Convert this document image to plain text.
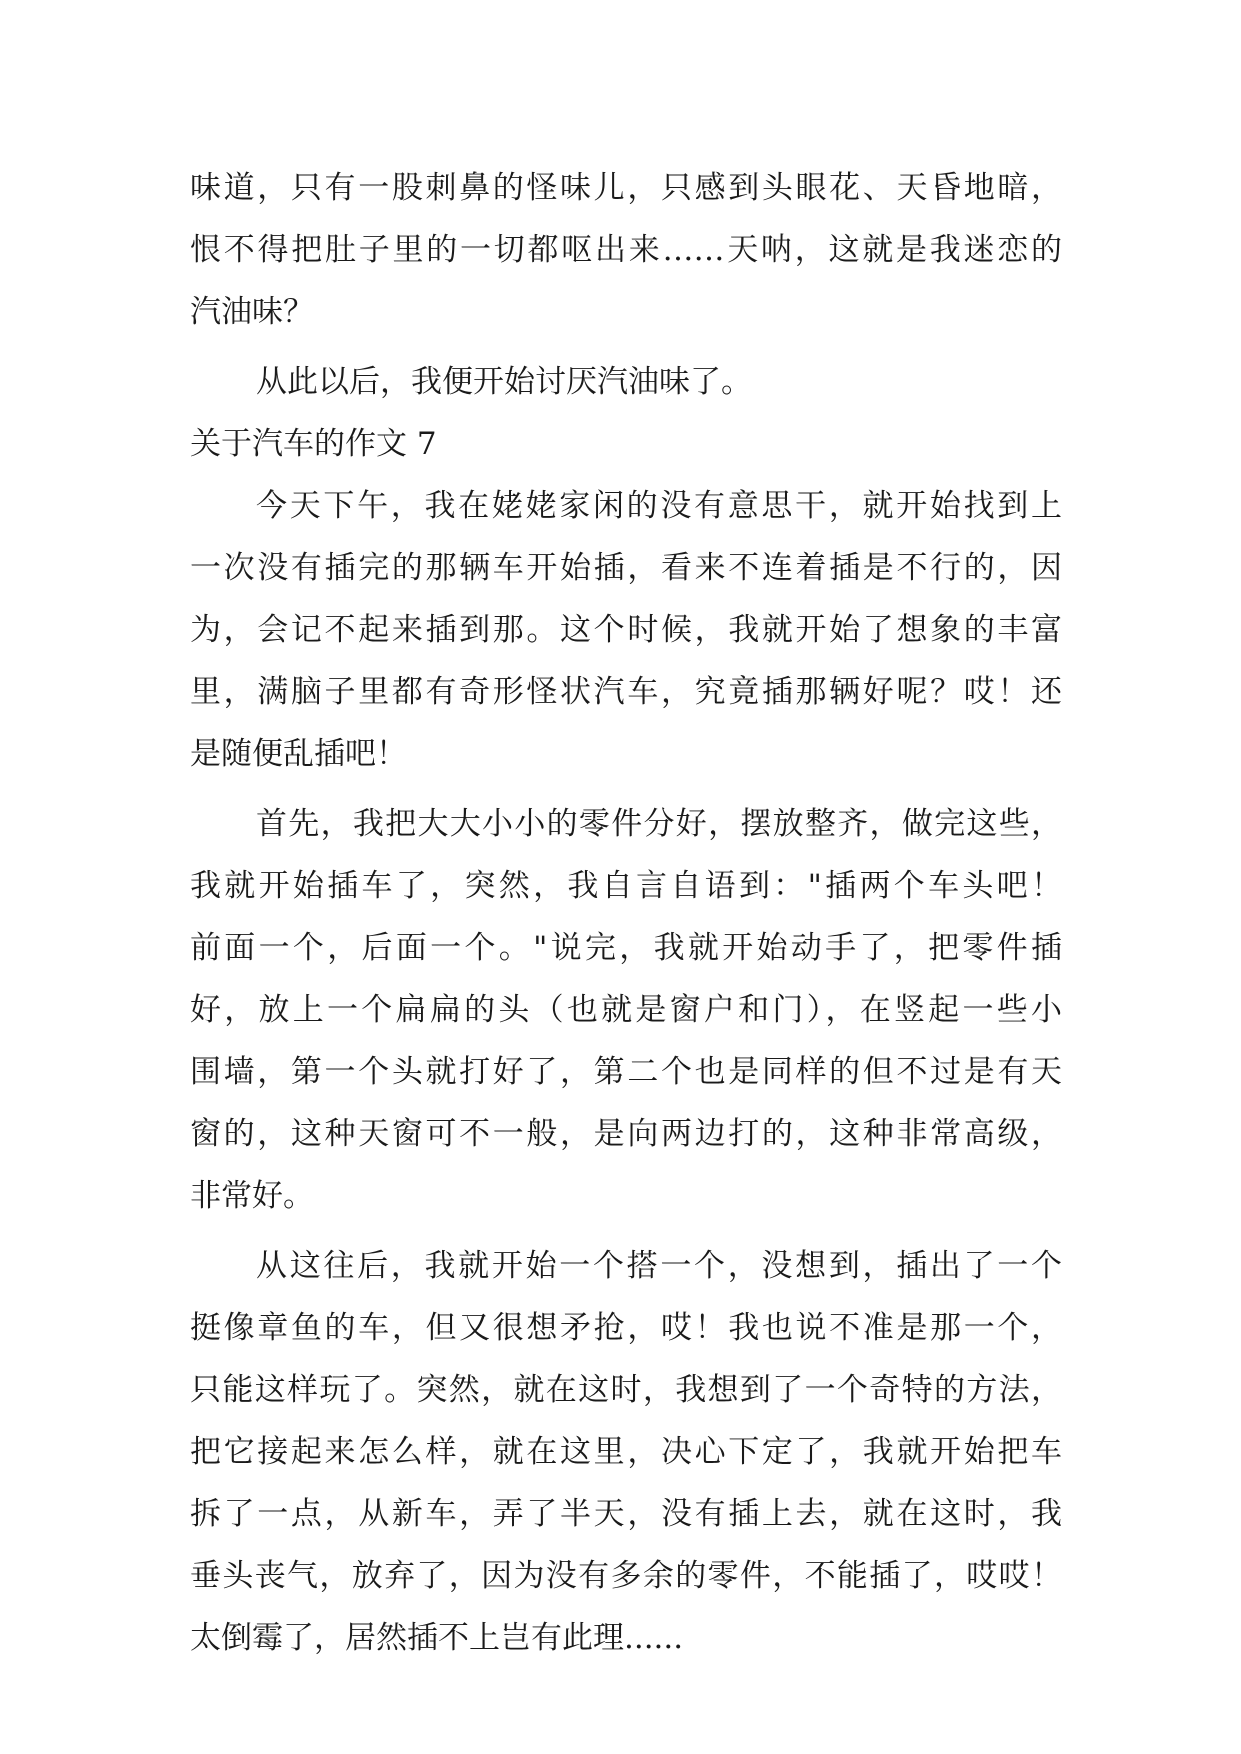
味道，只有一股刺鼻的怪味儿，只感到头眼花、天昏地暗，
恨不得把肚子里的一切都呕出来……天呐，这就是我迷恋的
汽油味？
从此以后，我便开始讨厌汽油味了。
关于汽车的作文 7
今天下午，我在姥姥家闲的没有意思干，就开始找到上
一次没有插完的那辆车开始插，看来不连着插是不行的，因
为，会记不起来插到那。这个时候，我就开始了想象的丰富
里，满脑子里都有奇形怪状汽车，究竟插那辆好呢？哎！还
是随便乱插吧！
首先，我把大大小小的零件分好，摆放整齐，做完这些，
我就开始插车了，突然，我自言自语到："插两个车头吧！
前面一个，后面一个。"说完，我就开始动手了，把零件插
好，放上一个扁扁的头（也就是窗户和门），在竖起一些小
围墙，第一个头就打好了，第二个也是同样的但不过是有天
窗的，这种天窗可不一般，是向两边打的，这种非常高级，
非常好。
从这往后，我就开始一个搭一个，没想到，插出了一个
挺像章鱼的车，但又很想矛抢，哎！我也说不准是那一个，
只能这样玩了。突然，就在这时，我想到了一个奇特的方法，
把它接起来怎么样，就在这里，决心下定了，我就开始把车
拆了一点，从新车，弄了半天，没有插上去，就在这时，我
垂头丧气，放弃了，因为没有多余的零件，不能插了，哎哎！
太倒霉了，居然插不上岂有此理......
